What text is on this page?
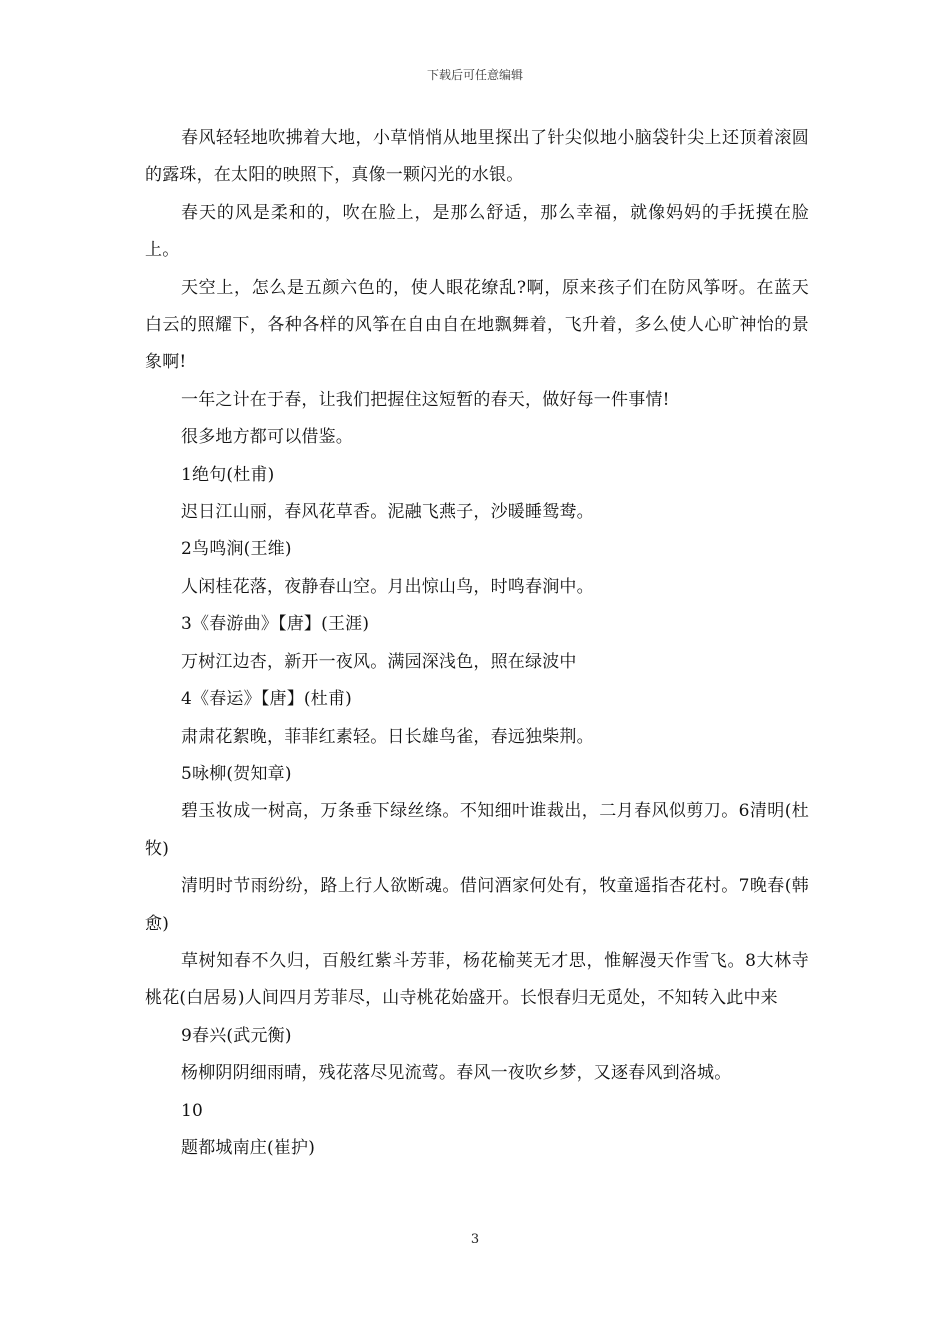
下载后可任意编辑

春风轻轻地吹拂着大地，小草悄悄从地里探出了针尖似地小脑袋针尖上还顶着滚圆的露珠，在太阳的映照下，真像一颗闪光的水银。

春天的风是柔和的，吹在脸上，是那么舒适，那么幸福，就像妈妈的手抚摸在脸上。

天空上，怎么是五颜六色的，使人眼花缭乱?啊，原来孩子们在防风筝呀。在蓝天白云的照耀下，各种各样的风筝在自由自在地飘舞着，飞升着，多么使人心旷神怡的景象啊!

一年之计在于春，让我们把握住这短暂的春天，做好每一件事情!

很多地方都可以借鉴。

1绝句(杜甫)

迟日江山丽，春风花草香。泥融飞燕子，沙暖睡鸳鸯。

2鸟鸣涧(王维)

人闲桂花落，夜静春山空。月出惊山鸟，时鸣春涧中。

3《春游曲》【唐】(王涯)

万树江边杏，新开一夜风。满园深浅色，照在绿波中

4《春运》【唐】(杜甫)

肃肃花絮晚，菲菲红素轻。日长雄鸟雀，春远独柴荆。

5咏柳(贺知章)

碧玉妆成一树高，万条垂下绿丝绦。不知细叶谁裁出，二月春风似剪刀。6清明(杜牧)

清明时节雨纷纷，路上行人欲断魂。借问酒家何处有，牧童遥指杏花村。7晚春(韩愈)

草树知春不久归，百般红紫斗芳菲，杨花榆荚无才思，惟解漫天作雪飞。8大林寺桃花(白居易)人间四月芳菲尽，山寺桃花始盛开。长恨春归无觅处，不知转入此中来

9春兴(武元衡)

杨柳阴阴细雨晴，残花落尽见流莺。春风一夜吹乡梦，又逐春风到洛城。

10

题都城南庄(崔护)

3
